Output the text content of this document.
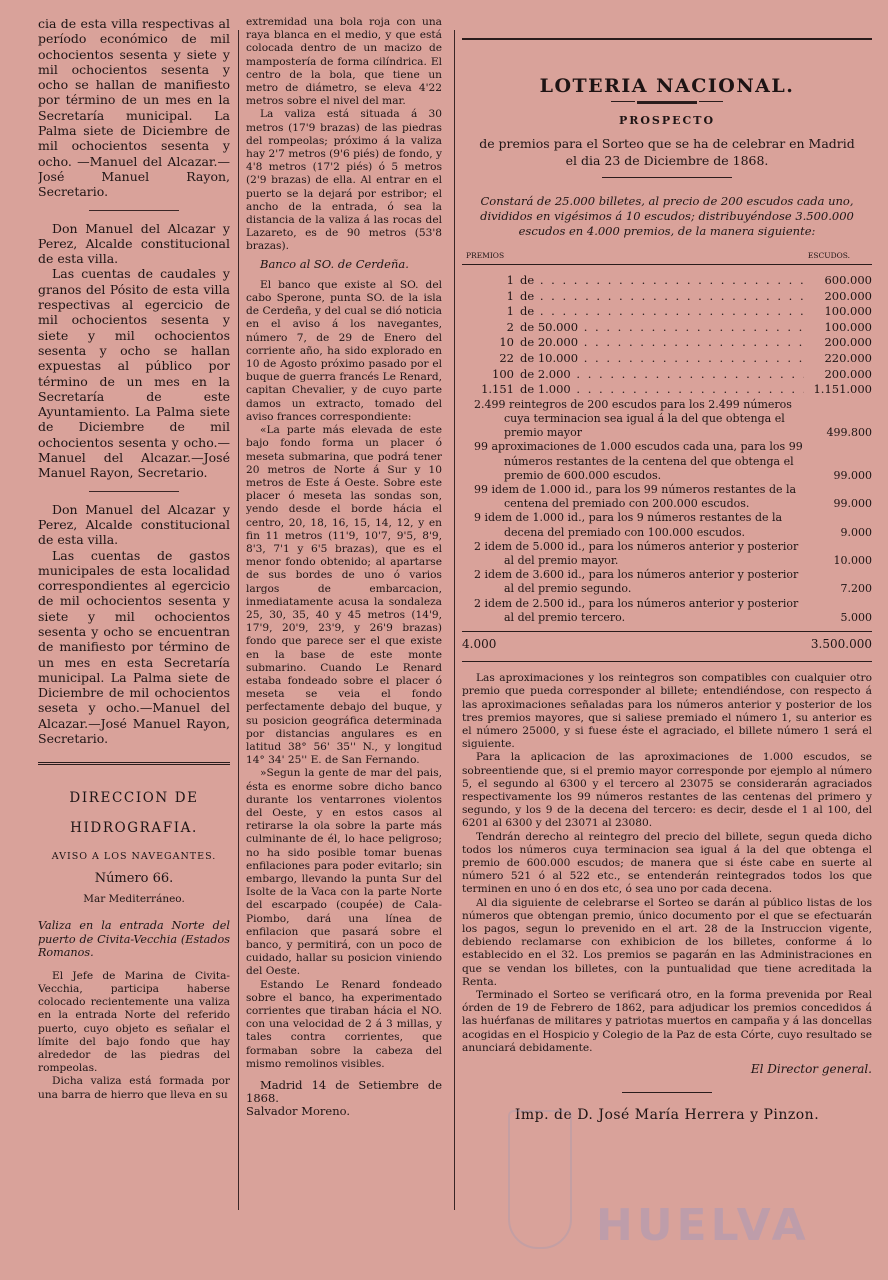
cia de esta villa respectivas al período económico de mil ochocientos sesenta y siete y mil ochocientos sesenta y ocho se hallan de manifiesto por término de un mes en la Secretaría municipal. La Palma siete de Diciembre de mil ochocientos sesenta y ocho. —Manuel del Alcazar.—José Manuel Rayon, Secretario.

Don Manuel del Alcazar y Perez, Alcalde constitucional de esta villa.

Las cuentas de caudales y granos del Pósito de esta villa respectivas al egercicio de mil ochocientos sesenta y siete y mil ochocientos sesenta y ocho se hallan expuestas al público por término de un mes en la Secretaría de este Ayuntamiento. La Palma siete de Diciembre de mil ochocientos sesenta y ocho.—Manuel del Alcazar.—José Manuel Rayon, Secretario.

Don Manuel del Alcazar y Perez, Alcalde constitucional de esta villa.

Las cuentas de gastos municipales de esta localidad correspondientes al egercicio de mil ochocientos sesenta y siete y mil ochocientos sesenta y ocho se encuentran de manifiesto por término de un mes en esta Secretaría municipal. La Palma siete de Diciembre de mil ochocientos seseta y ocho.—Manuel del Alcazar.—José Manuel Rayon, Secretario.

DIRECCION DE HIDROGRAFIA.
AVISO A LOS NAVEGANTES.
Número 66.
Mar Mediterráneo.
Valiza en la entrada Norte del puerto de Civita-Vecchia (Estados Romanos.

El Jefe de Marina de Civita-Vecchia, participa haberse colocado recientemente una valiza en la entrada Norte del referido puerto, cuyo objeto es señalar el límite del bajo fondo que hay alrededor de las piedras del rompeolas.

Dicha valiza está formada por una barra de hierro que lleva en su

extremidad una bola roja con una raya blanca en el medio, y que está colocada dentro de un macizo de mampostería de forma cilíndrica. El centro de la bola, que tiene un metro de diámetro, se eleva 4'22 metros sobre el nivel del mar.

La valiza está situada á 30 metros (17'9 brazas) de las piedras del rompeolas; próximo á la valiza hay 2'7 metros (9'6 piés) de fondo, y 4'8 metros (17'2 piés) ó 5 metros (2'9 brazas) de ella. Al entrar en el puerto se la dejará por estribor; el ancho de la entrada, ó sea la distancia de la valiza á las rocas del Lazareto, es de 90 metros (53'8 brazas).

Banco al SO. de Cerdeña.

El banco que existe al SO. del cabo Sperone, punta SO. de la isla de Cerdeña, y del cual se dió noticia en el aviso á los navegantes, número 7, de 29 de Enero del corriente año, ha sido explorado en 10 de Agosto próximo pasado por el buque de guerra francés Le Renard, capitan Chevalier, y de cuyo parte damos un extracto, tomado del aviso frances correspondiente:

«La parte más elevada de este bajo fondo forma un placer ó meseta submarina, que podrá tener 20 metros de Norte á Sur y 10 metros de Este á Oeste. Sobre este placer ó meseta las sondas son, yendo desde el borde hácia el centro, 20, 18, 16, 15, 14, 12, y en fin 11 metros (11'9, 10'7, 9'5, 8'9, 8'3, 7'1 y 6'5 brazas), que es el menor fondo obtenido; al apartarse de sus bordes de uno ó varios largos de embarcacion, inmediatamente acusa la sondaleza 25, 30, 35, 40 y 45 metros (14'9, 17'9, 20'9, 23'9, y 26'9 brazas) fondo que parece ser el que existe en la base de este monte submarino. Cuando Le Renard estaba fondeado sobre el placer ó meseta se veia el fondo perfectamente debajo del buque, y su posicion geográfica determinada por distancias angulares es en latitud 38° 56' 35'' N., y longitud 14° 34' 25'' E. de San Fernando.

»Segun la gente de mar del pais, ésta es enorme sobre dicho banco durante los ventarrones violentos del Oeste, y en estos casos al retirarse la ola sobre la parte más culminante de él, lo hace peligroso; no ha sido posible tomar buenas enfilaciones para poder evitarlo; sin embargo, llevando la punta Sur del Isolte de la Vaca con la parte Norte del escarpado (coupée) de Cala-Piombo, dará una línea de enfilacion que pasará sobre el banco, y permitirá, con un poco de cuidado, hallar su posicion viniendo del Oeste.

Estando Le Renard fondeado sobre el banco, ha experimentado corrientes que tiraban hácia el NO. con una velocidad de 2 á 3 millas, y tales contra corrientes, que formaban sobre la cabeza del mismo remolinos visibles.

Madrid 14 de Setiembre de 1868.

Salvador Moreno.

LOTERIA NACIONAL.
PROSPECTO
de premios para el Sorteo que se ha de celebrar en Madrid
el dia 23 de Diciembre de 1868.
Constará de 25.000 billetes, al precio de 200 escudos cada uno, divididos en vigésimos á 10 escudos; distribuyéndose 3.500.000 escudos en 4.000 premios, de la manera siguiente:
PREMIOS	ESCUDOS.
1 de . . .	600.000
1 de . . .	200.000
1 de . . .	100.000
2 de 50.000 . . .	100.000
10 de 20.000 . . .	200.000
22 de 10.000 . . .	220.000
100 de 2.000 . . .	200.000
1.151 de 1.000 . . .	1.151.000
2.499 reintegros de 200 escudos para los 2.499 números cuya terminacion sea igual á la del que obtenga el premio mayor	499.800
99 aproximaciones de 1.000 escudos cada una, para los 99 números restantes de la centena del que obtenga el premio de 600.000 escudos.	99.000
99 idem de 1.000 id., para los 99 números restantes de la centena del premiado con 200.000 escudos.	99.000
9 idem de 1.000 id., para los 9 números restantes de la decena del premiado con 100.000 escudos.	9.000
2 idem de 5.000 id., para los números anterior y posterior al del premio mayor.	10.000
2 idem de 3.600 id., para los números anterior y posterior al del premio segundo.	7.200
2 idem de 2.500 id., para los números anterior y posterior al del premio tercero.	5.000
4.000	3.500.000

Las aproximaciones y los reintegros son compatibles con cualquier otro premio que pueda corresponder al billete; entendiéndose, con respecto á las aproximaciones señaladas para los números anterior y posterior de los tres premios mayores, que si saliese premiado el número 1, su anterior es el número 25000, y si fuese éste el agraciado, el billete número 1 será el siguiente.

Para la aplicacion de las aproximaciones de 1.000 escudos, se sobreentiende que, si el premio mayor corresponde por ejemplo al número 5, el segundo al 6300 y el tercero al 23075 se considerarán agraciados respectivamente los 99 números restantes de las centenas del primero y segundo, y los 9 de la decena del tercero: es decir, desde el 1 al 100, del 6201 al 6300 y del 23071 al 23080.

Tendrán derecho al reintegro del precio del billete, segun queda dicho todos los números cuya terminacion sea igual á la del que obtenga el premio de 600.000 escudos; de manera que si éste cabe en suerte al número 521 ó al 522 etc., se entenderán reintegrados todos los que terminen en uno ó en dos etc, ó sea uno por cada decena.

Al dia siguiente de celebrarse el Sorteo se darán al público listas de los números que obtengan premio, único documento por el que se efectuarán los pagos, segun lo prevenido en el art. 28 de la Instruccion vigente, debiendo reclamarse con exhibicion de los billetes, conforme á lo establecido en el 32. Los premios se pagarán en las Administraciones en que se vendan los billetes, con la puntualidad que tiene acreditada la Renta.

Terminado el Sorteo se verificará otro, en la forma prevenida por Real órden de 19 de Febrero de 1862, para adjudicar los premios concedidos á las huérfanas de militares y patriotas muertos en campaña y á las doncellas acogidas en el Hospicio y Colegio de la Paz de esta Córte, cuyo resultado se anunciará debidamente.

El Director general.
Imp. de D. José María Herrera y Pinzon.
HUELVA
